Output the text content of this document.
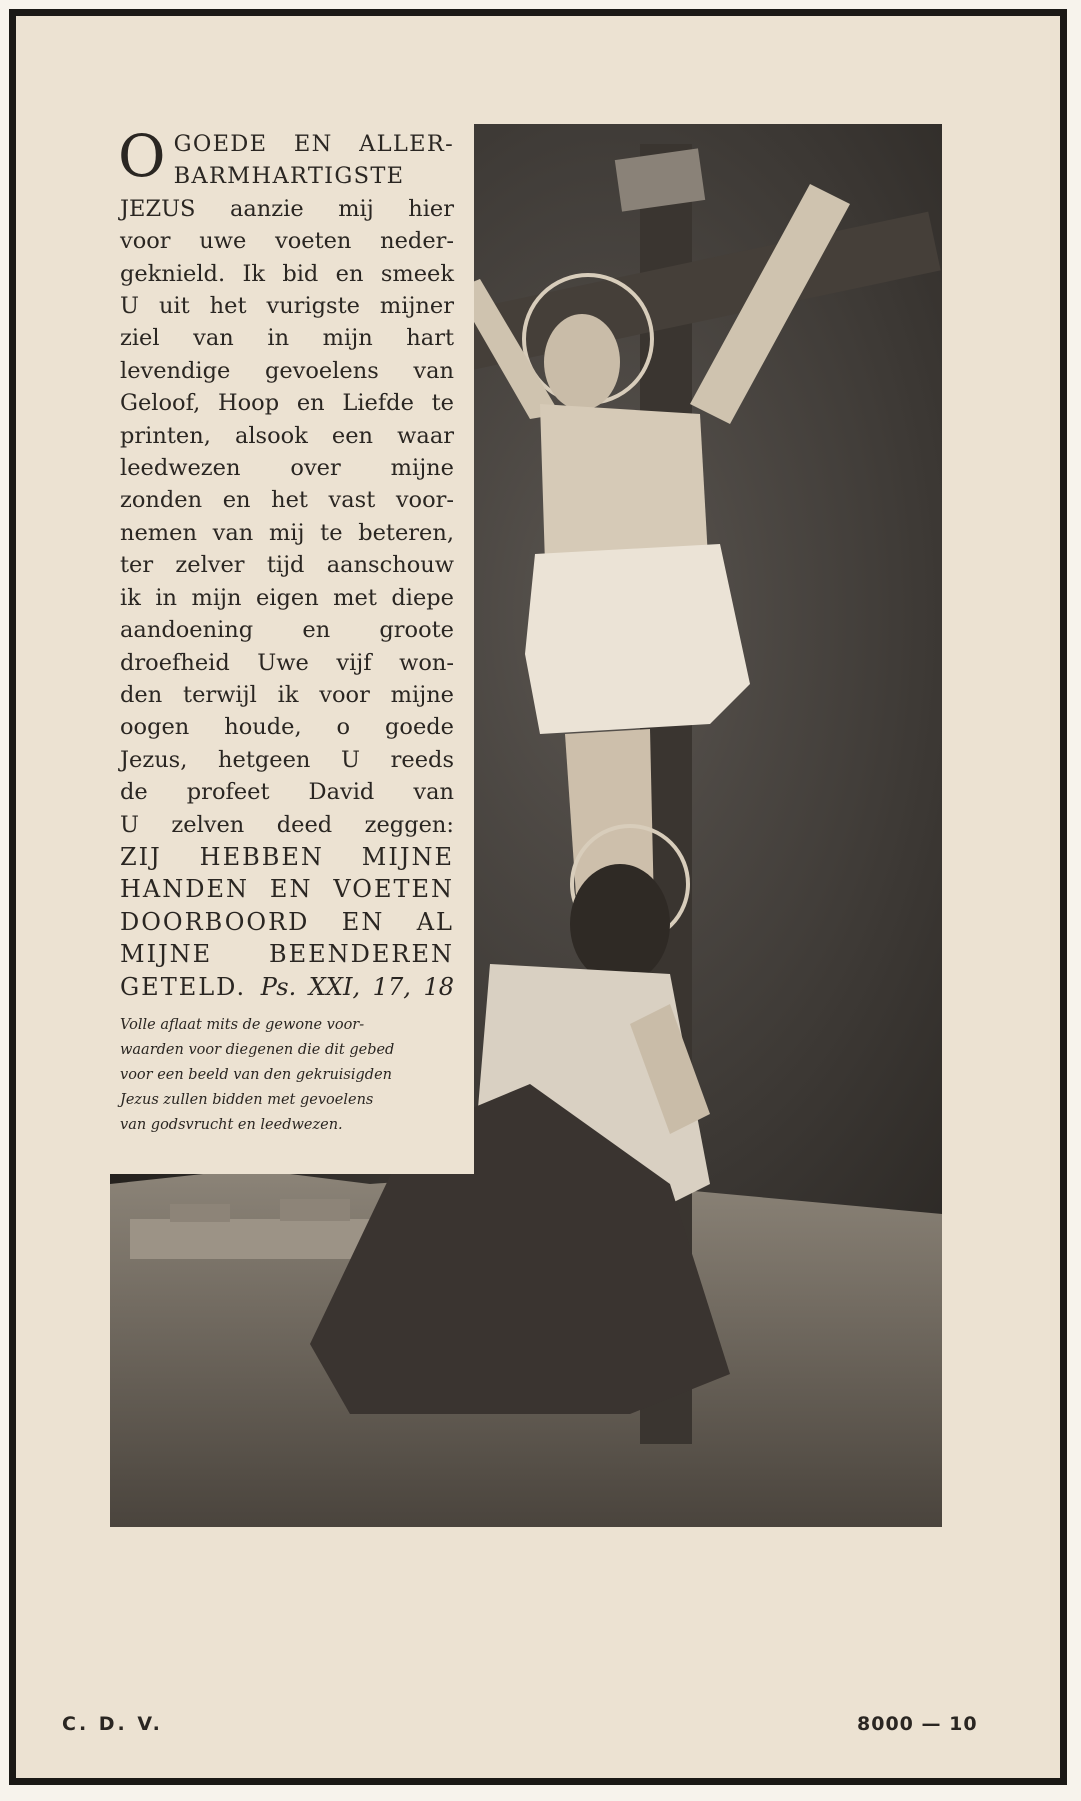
O GOEDE EN ALLER-
BARMHARTIGSTE
JEZUS aanzie mij hier
voor uwe voeten neder-
geknield. Ik bid en smeek
U uit het vurigste mijner
ziel van in mijn hart
levendige gevoelens van
Geloof, Hoop en Liefde te
printen, alsook een waar
leedwezen over mijne
zonden en het vast voor-
nemen van mij te beteren,
ter zelver tijd aanschouw
ik in mijn eigen met diepe
aandoening en groote
droefheid Uwe vijf won-
den terwijl ik voor mijne
oogen houde, o goede
Jezus, hetgeen U reeds
de profeet David van
U zelven deed zeggen:
ZIJ HEBBEN MIJNE
HANDEN EN VOETEN
DOORBOORD EN AL
MIJNE BEENDEREN
GETELD. Ps. XXI, 17, 18
Volle aflaat mits de gewone voor-
waarden voor diegenen die dit gebed
voor een beeld van den gekruisigden
Jezus zullen bidden met gevoelens
van godsvrucht en leedwezen.
C. D. V.	8000 — 10
